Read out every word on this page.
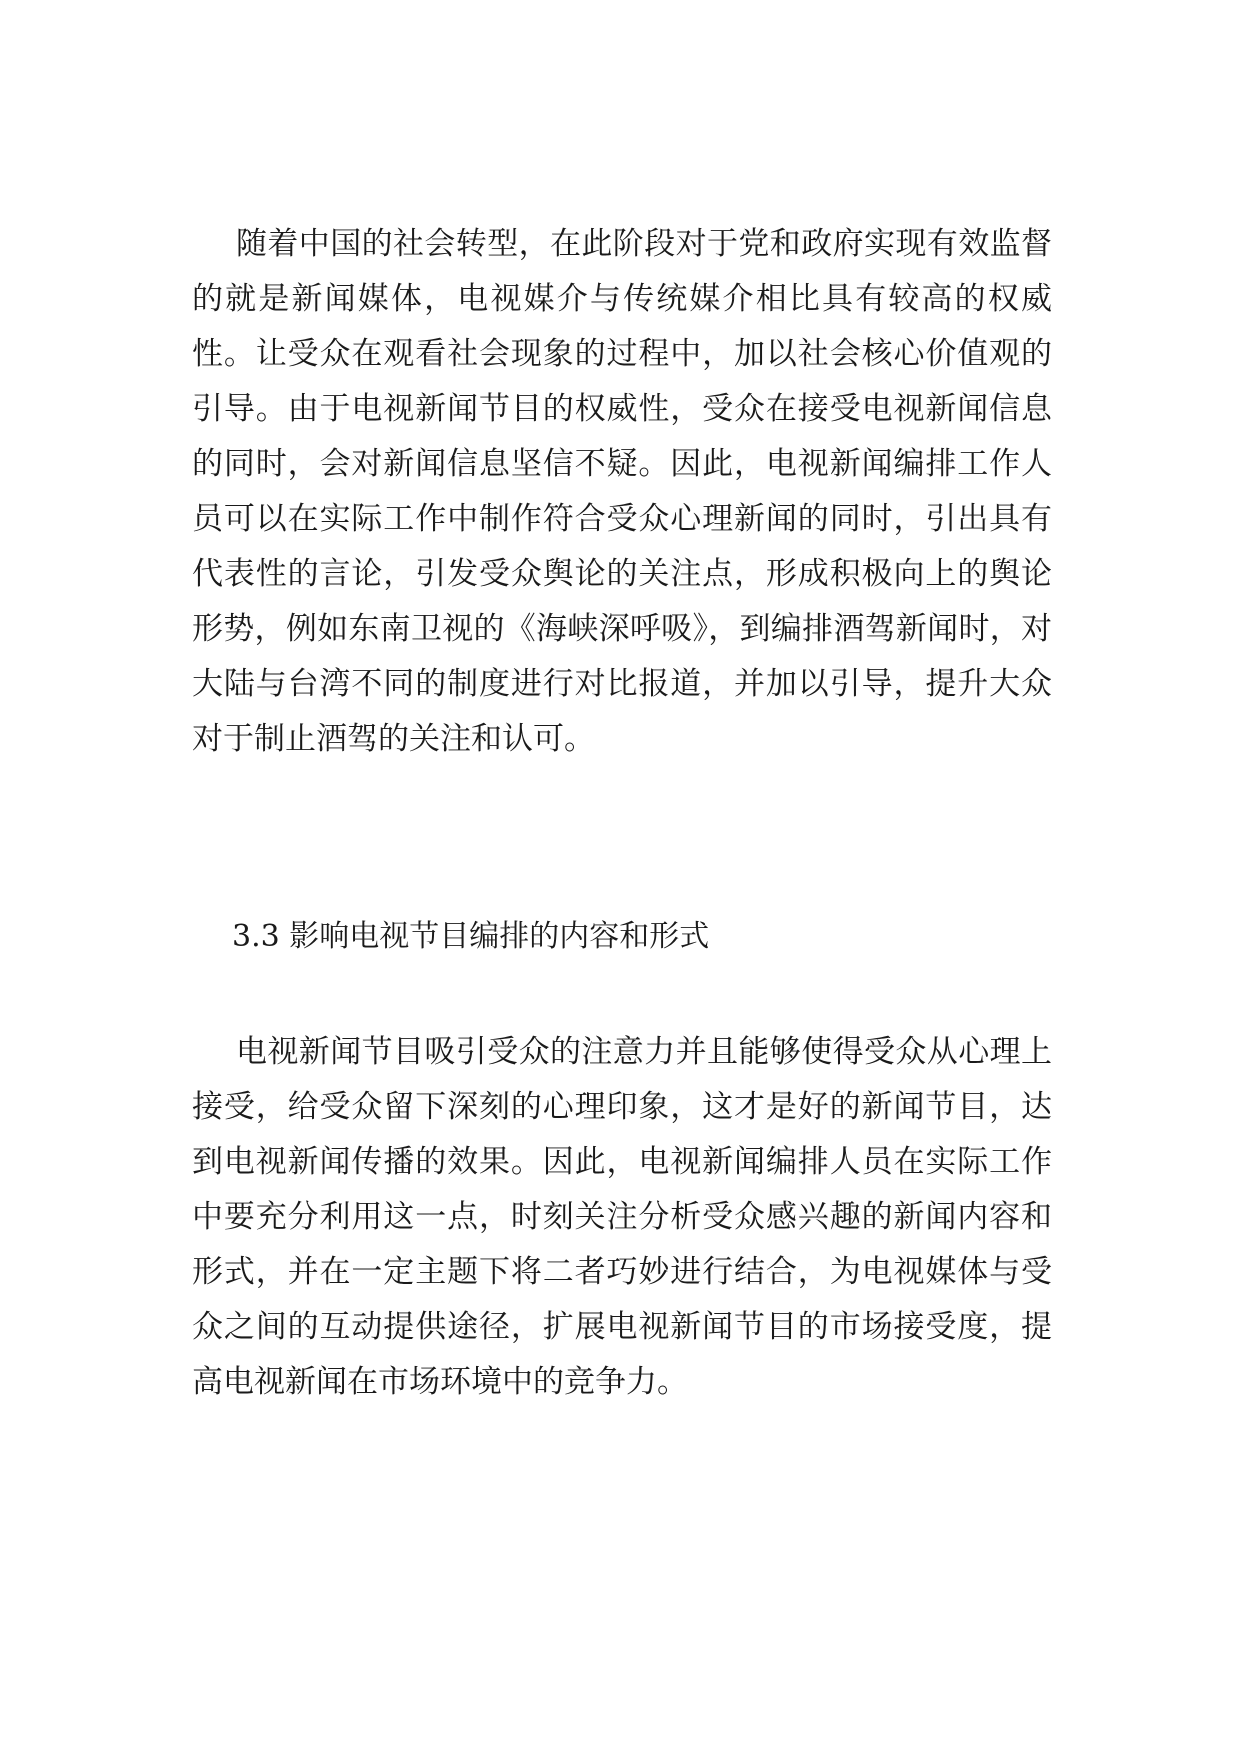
随着中国的社会转型，在此阶段对于党和政府实现有效监督的就是新闻媒体，电视媒介与传统媒介相比具有较高的权威性。让受众在观看社会现象的过程中，加以社会核心价值观的引导。由于电视新闻节目的权威性，受众在接受电视新闻信息的同时，会对新闻信息坚信不疑。因此，电视新闻编排工作人员可以在实际工作中制作符合受众心理新闻的同时，引出具有代表性的言论，引发受众舆论的关注点，形成积极向上的舆论形势，例如东南卫视的《海峡深呼吸》，到编排酒驾新闻时，对大陆与台湾不同的制度进行对比报道，并加以引导，提升大众对于制止酒驾的关注和认可。

3.3 影响电视节目编排的内容和形式

电视新闻节目吸引受众的注意力并且能够使得受众从心理上接受，给受众留下深刻的心理印象，这才是好的新闻节目，达到电视新闻传播的效果。因此，电视新闻编排人员在实际工作中要充分利用这一点，时刻关注分析受众感兴趣的新闻内容和形式，并在一定主题下将二者巧妙进行结合，为电视媒体与受众之间的互动提供途径，扩展电视新闻节目的市场接受度，提高电视新闻在市场环境中的竞争力。
